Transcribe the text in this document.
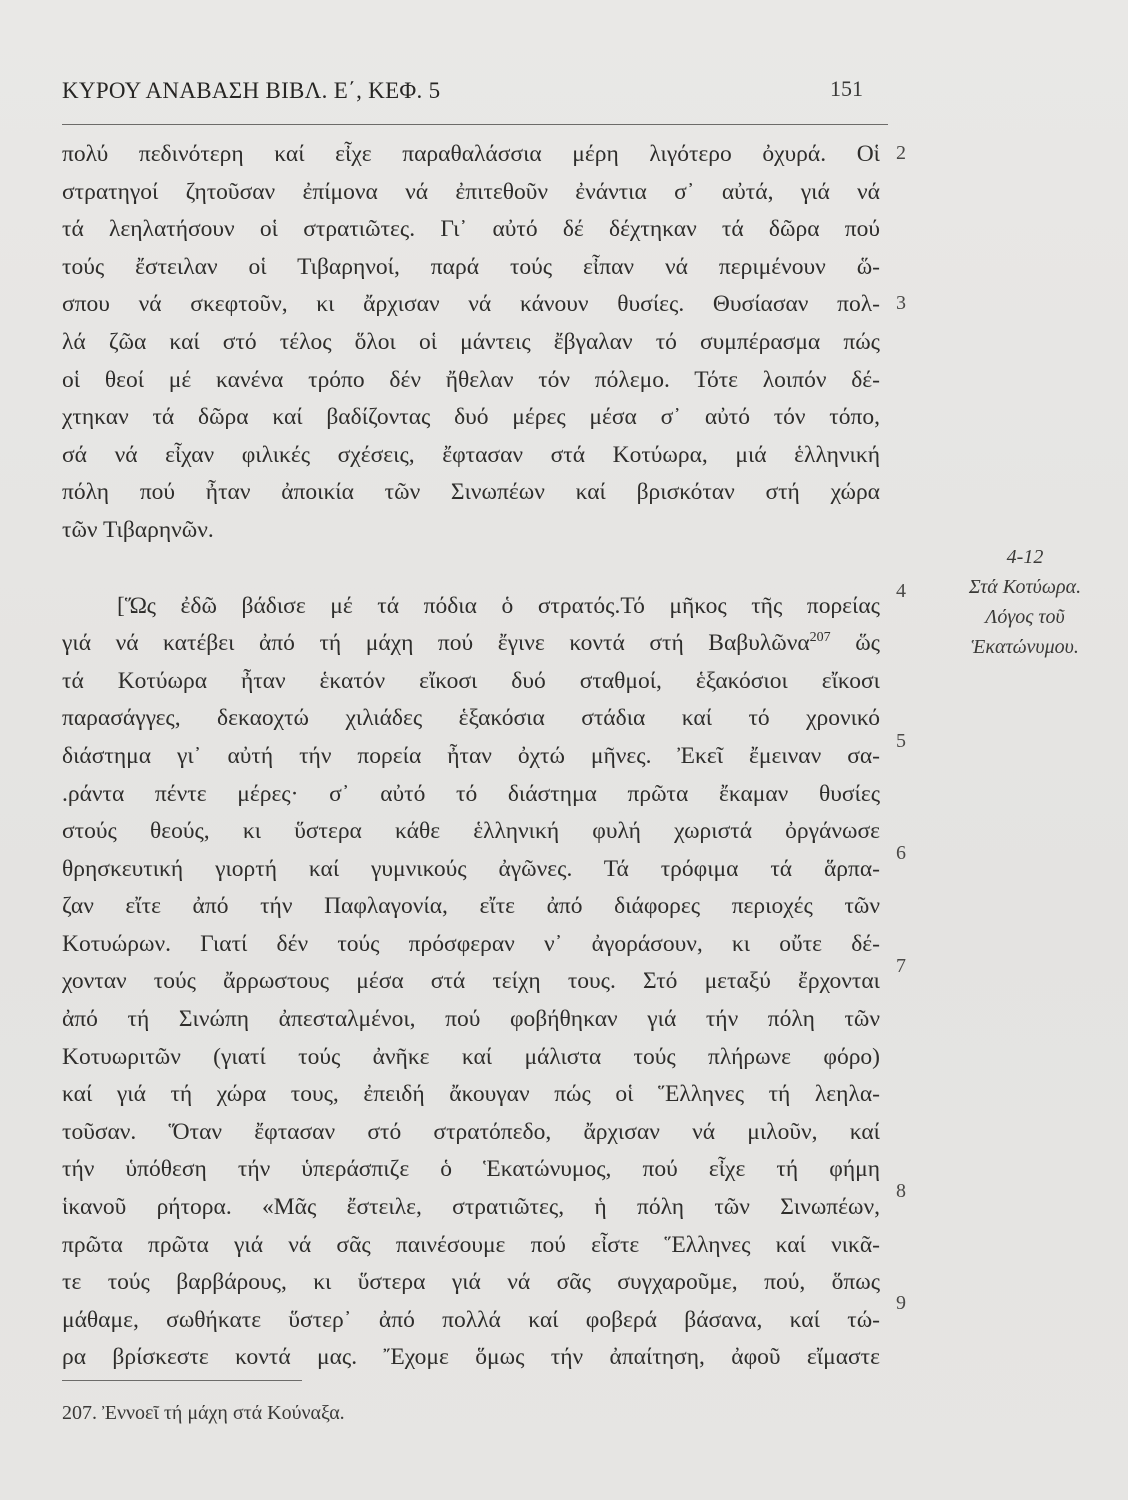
ΚΥΡΟΥ ΑΝΑΒΑΣΗ ΒΙΒΛ. Ε΄, ΚΕΦ. 5	151
πολύ πεδινότερη καί εἶχε παραθαλάσσια μέρη λιγότερο ὀχυρά. Οἱ
στρατηγοί ζητοῦσαν ἐπίμονα νά ἐπιτεθοῦν ἐνάντια σ᾽ αὐτά, γιά νά
τά λεηλατήσουν οἱ στρατιῶτες. Γι᾽ αὐτό δέ δέχτηκαν τά δῶρα πού
τούς ἔστειλαν οἱ Τιβαρηνοί, παρά τούς εἶπαν νά περιμένουν ὥ-
σπου νά σκεφτοῦν, κι ἄρχισαν νά κάνουν θυσίες. Θυσίασαν πολ-
λά ζῶα καί στό τέλος ὅλοι οἱ μάντεις ἔβγαλαν τό συμπέρασμα πώς
οἱ θεοί μέ κανένα τρόπο δέν ἤθελαν τόν πόλεμο. Τότε λοιπόν δέ-
χτηκαν τά δῶρα καί βαδίζοντας δυό μέρες μέσα σ᾽ αὐτό τόν τόπο,
σά νά εἶχαν φιλικές σχέσεις, ἔφτασαν στά Κοτύωρα, μιά ἑλληνική
πόλη πού ἦταν ἀποικία τῶν Σινωπέων καί βρισκόταν στή χώρα
τῶν Τιβαρηνῶν.
[Ὥς ἐδῶ βάδισε μέ τά πόδια ὁ στρατός.Τό μῆκος τῆς πορείας
γιά νά κατέβει ἀπό τή μάχη πού ἔγινε κοντά στή Βαβυλῶνα$^{207}$ ὥς
τά Κοτύωρα ἦταν ἑκατόν εἴκοσι δυό σταθμοί, ἑξακόσιοι εἴκοσι
παρασάγγες, δεκαοχτώ χιλιάδες ἑξακόσια στάδια καί τό χρονικό
διάστημα γι᾽ αὐτή τήν πορεία ἦταν ὀχτώ μῆνες. Ἐκεῖ ἔμειναν σα-
.ράντα πέντε μέρες· σ᾽ αὐτό τό διάστημα πρῶτα ἔκαμαν θυσίες
στούς θεούς, κι ὕστερα κάθε ἑλληνική φυλή χωριστά ὀργάνωσε
θρησκευτική γιορτή καί γυμνικούς ἀγῶνες. Τά τρόφιμα τά ἅρπα-
ζαν εἴτε ἀπό τήν Παφλαγονία, εἴτε ἀπό διάφορες περιοχές τῶν
Κοτυώρων. Γιατί δέν τούς πρόσφεραν ν᾽ ἀγοράσουν, κι οὔτε δέ-
χονταν τούς ἄρρωστους μέσα στά τείχη τους. Στό μεταξύ ἔρχονται
ἀπό τή Σινώπη ἀπεσταλμένοι, πού φοβήθηκαν γιά τήν πόλη τῶν
Κοτυωριτῶν (γιατί τούς ἀνῆκε καί μάλιστα τούς πλήρωνε φόρο)
καί γιά τή χώρα τους, ἐπειδή ἄκουγαν πώς οἱ Ἕλληνες τή λεηλα-
τοῦσαν. Ὅταν ἔφτασαν στό στρατόπεδο, ἄρχισαν νά μιλοῦν, καί
τήν ὑπόθεση τήν ὑπεράσπιζε ὁ Ἑκατώνυμος, πού εἶχε τή φήμη
ἱκανοῦ ρήτορα. «Μᾶς ἔστειλε, στρατιῶτες, ἡ πόλη τῶν Σινωπέων,
πρῶτα πρῶτα γιά νά σᾶς παινέσουμε πού εἶστε Ἕλληνες καί νικᾶ-
τε τούς βαρβάρους, κι ὕστερα γιά νά σᾶς συγχαροῦμε, πού, ὅπως
μάθαμε, σωθήκατε ὕστερ᾽ ἀπό πολλά καί φοβερά βάσανα, καί τώ-
ρα βρίσκεστε κοντά μας. Ἔχομε ὅμως τήν ἀπαίτηση, ἀφοῦ εἴμαστε
2
3
4
5
6
7
8
9
4-12
Στά Κοτύωρα.
Λόγος τοῦ
Ἑκατώνυμου.
207. Ἐννοεῖ τή μάχη στά Κούναξα.
